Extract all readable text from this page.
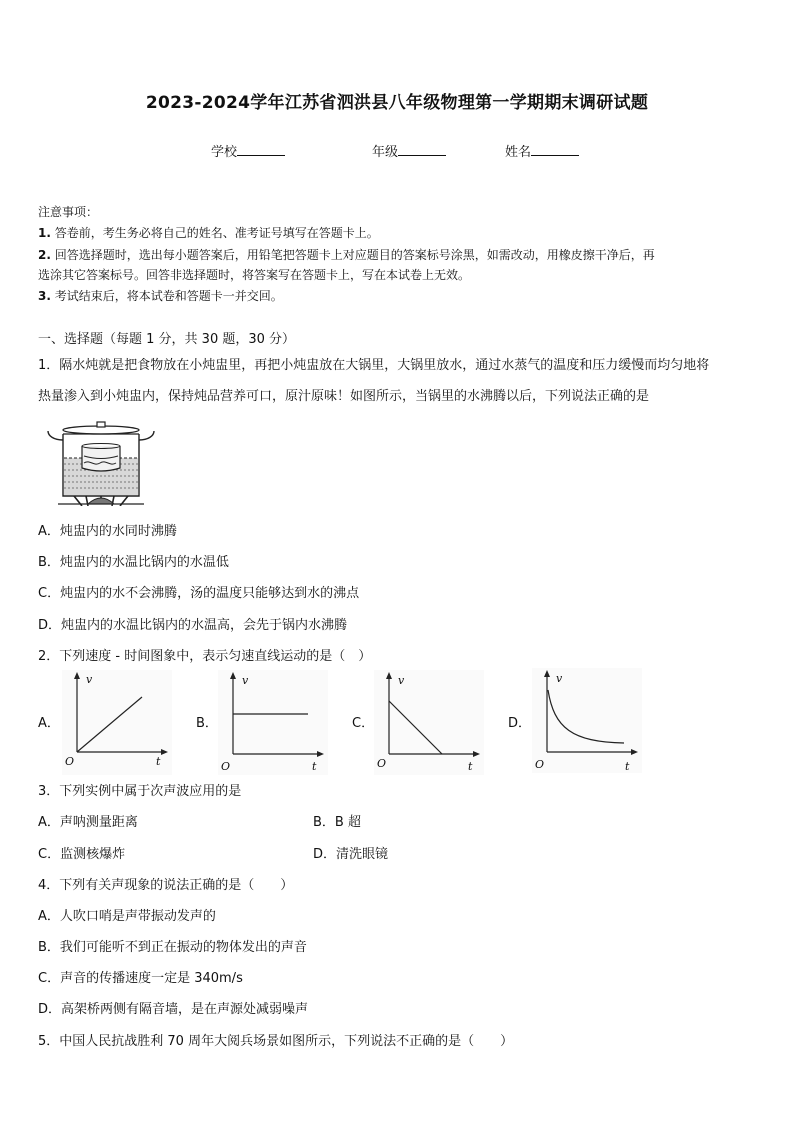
2023-2024学年江苏省泗洪县八年级物理第一学期期末调研试题
学校	年级	姓名
注意事项：
1. 答卷前，考生务必将自己的姓名、准考证号填写在答题卡上。
2. 回答选择题时，选出每小题答案后，用铅笔把答题卡上对应题目的答案标号涂黑，如需改动，用橡皮擦干净后，再
选涂其它答案标号。回答非选择题时，将答案写在答题卡上，写在本试卷上无效。
3. 考试结束后，将本试卷和答题卡一并交回。
一、选择题（每题 1 分，共 30 题，30 分）
1．隔水炖就是把食物放在小炖盅里，再把小炖盅放在大锅里，大锅里放水，通过水蒸气的温度和压力缓慢而均匀地将
热量渗入到小炖盅内，保持炖品营养可口，原汁原味！如图所示，当锅里的水沸腾以后，下列说法正确的是
A．炖盅内的水同时沸腾
B．炖盅内的水温比锅内的水温低
C．炖盅内的水不会沸腾，汤的温度只能够达到水的沸点
D．炖盅内的水温比锅内的水温高，会先于锅内水沸腾
2．下列速度 - 时间图象中，表示匀速直线运动的是（　）
A．
v
t
O
B．
v
t
O
C．
v
t
O
D．
v
t
O
3．下列实例中属于次声波应用的是
A．声呐测量距离	B．B 超
C．监测核爆炸	D．清洗眼镜
4．下列有关声现象的说法正确的是（　　）
A．人吹口哨是声带振动发声的
B．我们可能听不到正在振动的物体发出的声音
C．声音的传播速度一定是 340m/s
D．高架桥两侧有隔音墙，是在声源处减弱噪声
5．中国人民抗战胜利 70 周年大阅兵场景如图所示，下列说法不正确的是（　　）
